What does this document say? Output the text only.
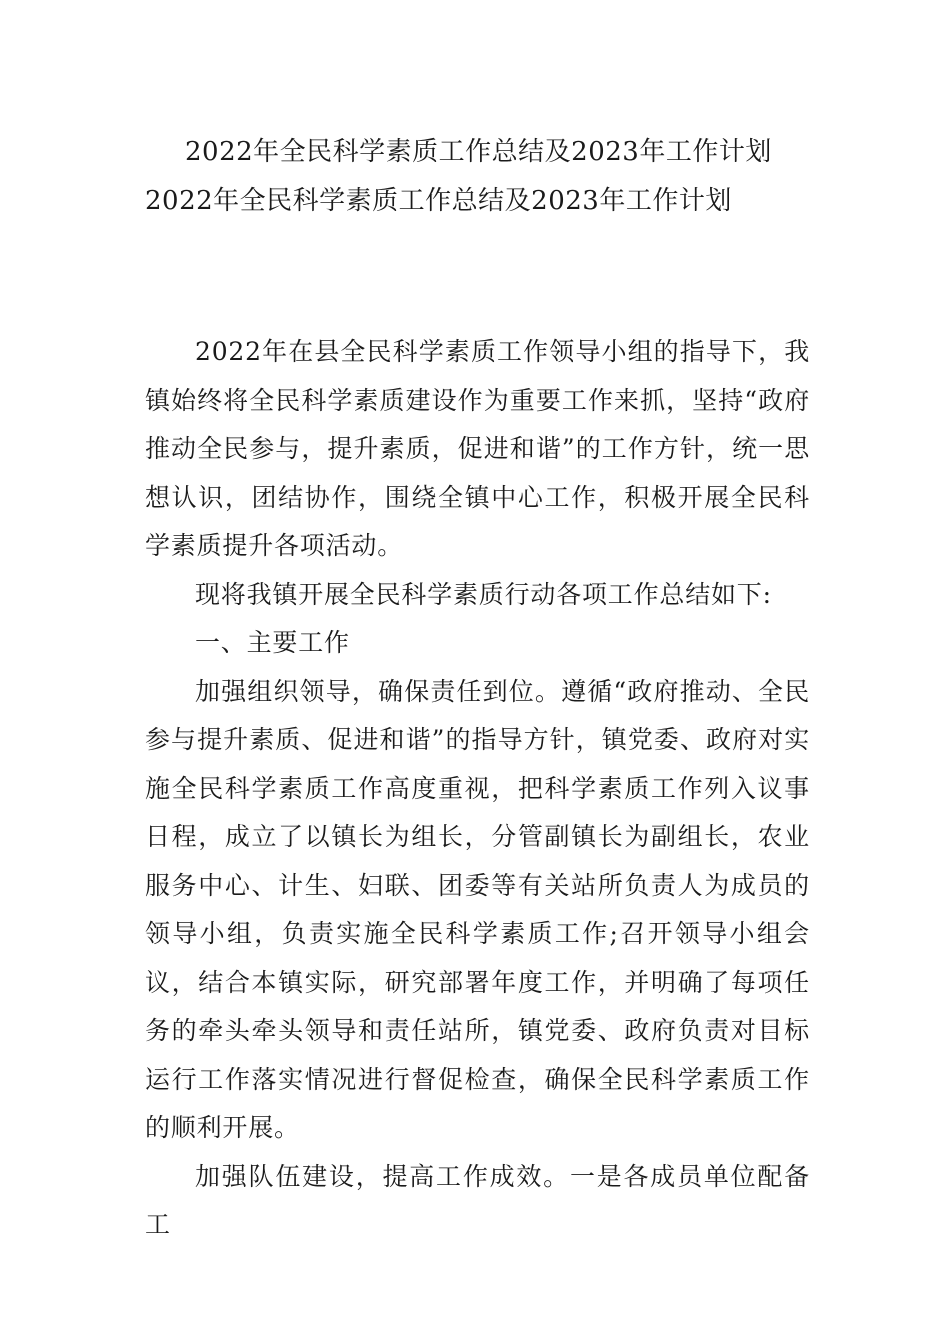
2022年全民科学素质工作总结及2023年工作计划
2022年全民科学素质工作总结及2023年工作计划

2022年在县全民科学素质工作领导小组的指导下，我镇始终将全民科学素质建设作为重要工作来抓，坚持“政府推动全民参与，提升素质，促进和谐”的工作方针，统一思想认识，团结协作，围绕全镇中心工作，积极开展全民科学素质提升各项活动。

现将我镇开展全民科学素质行动各项工作总结如下:

一、主要工作

加强组织领导，确保责任到位。遵循“政府推动、全民参与提升素质、促进和谐”的指导方针，镇党委、政府对实施全民科学素质工作高度重视，把科学素质工作列入议事日程，成立了以镇长为组长，分管副镇长为副组长，农业服务中心、计生、妇联、团委等有关站所负责人为成员的领导小组，负责实施全民科学素质工作;召开领导小组会议，结合本镇实际，研究部署年度工作，并明确了每项任务的牵头牵头领导和责任站所，镇党委、政府负责对目标运行工作落实情况进行督促检查，确保全民科学素质工作的顺利开展。

加强队伍建设，提高工作成效。一是各成员单位配备工
